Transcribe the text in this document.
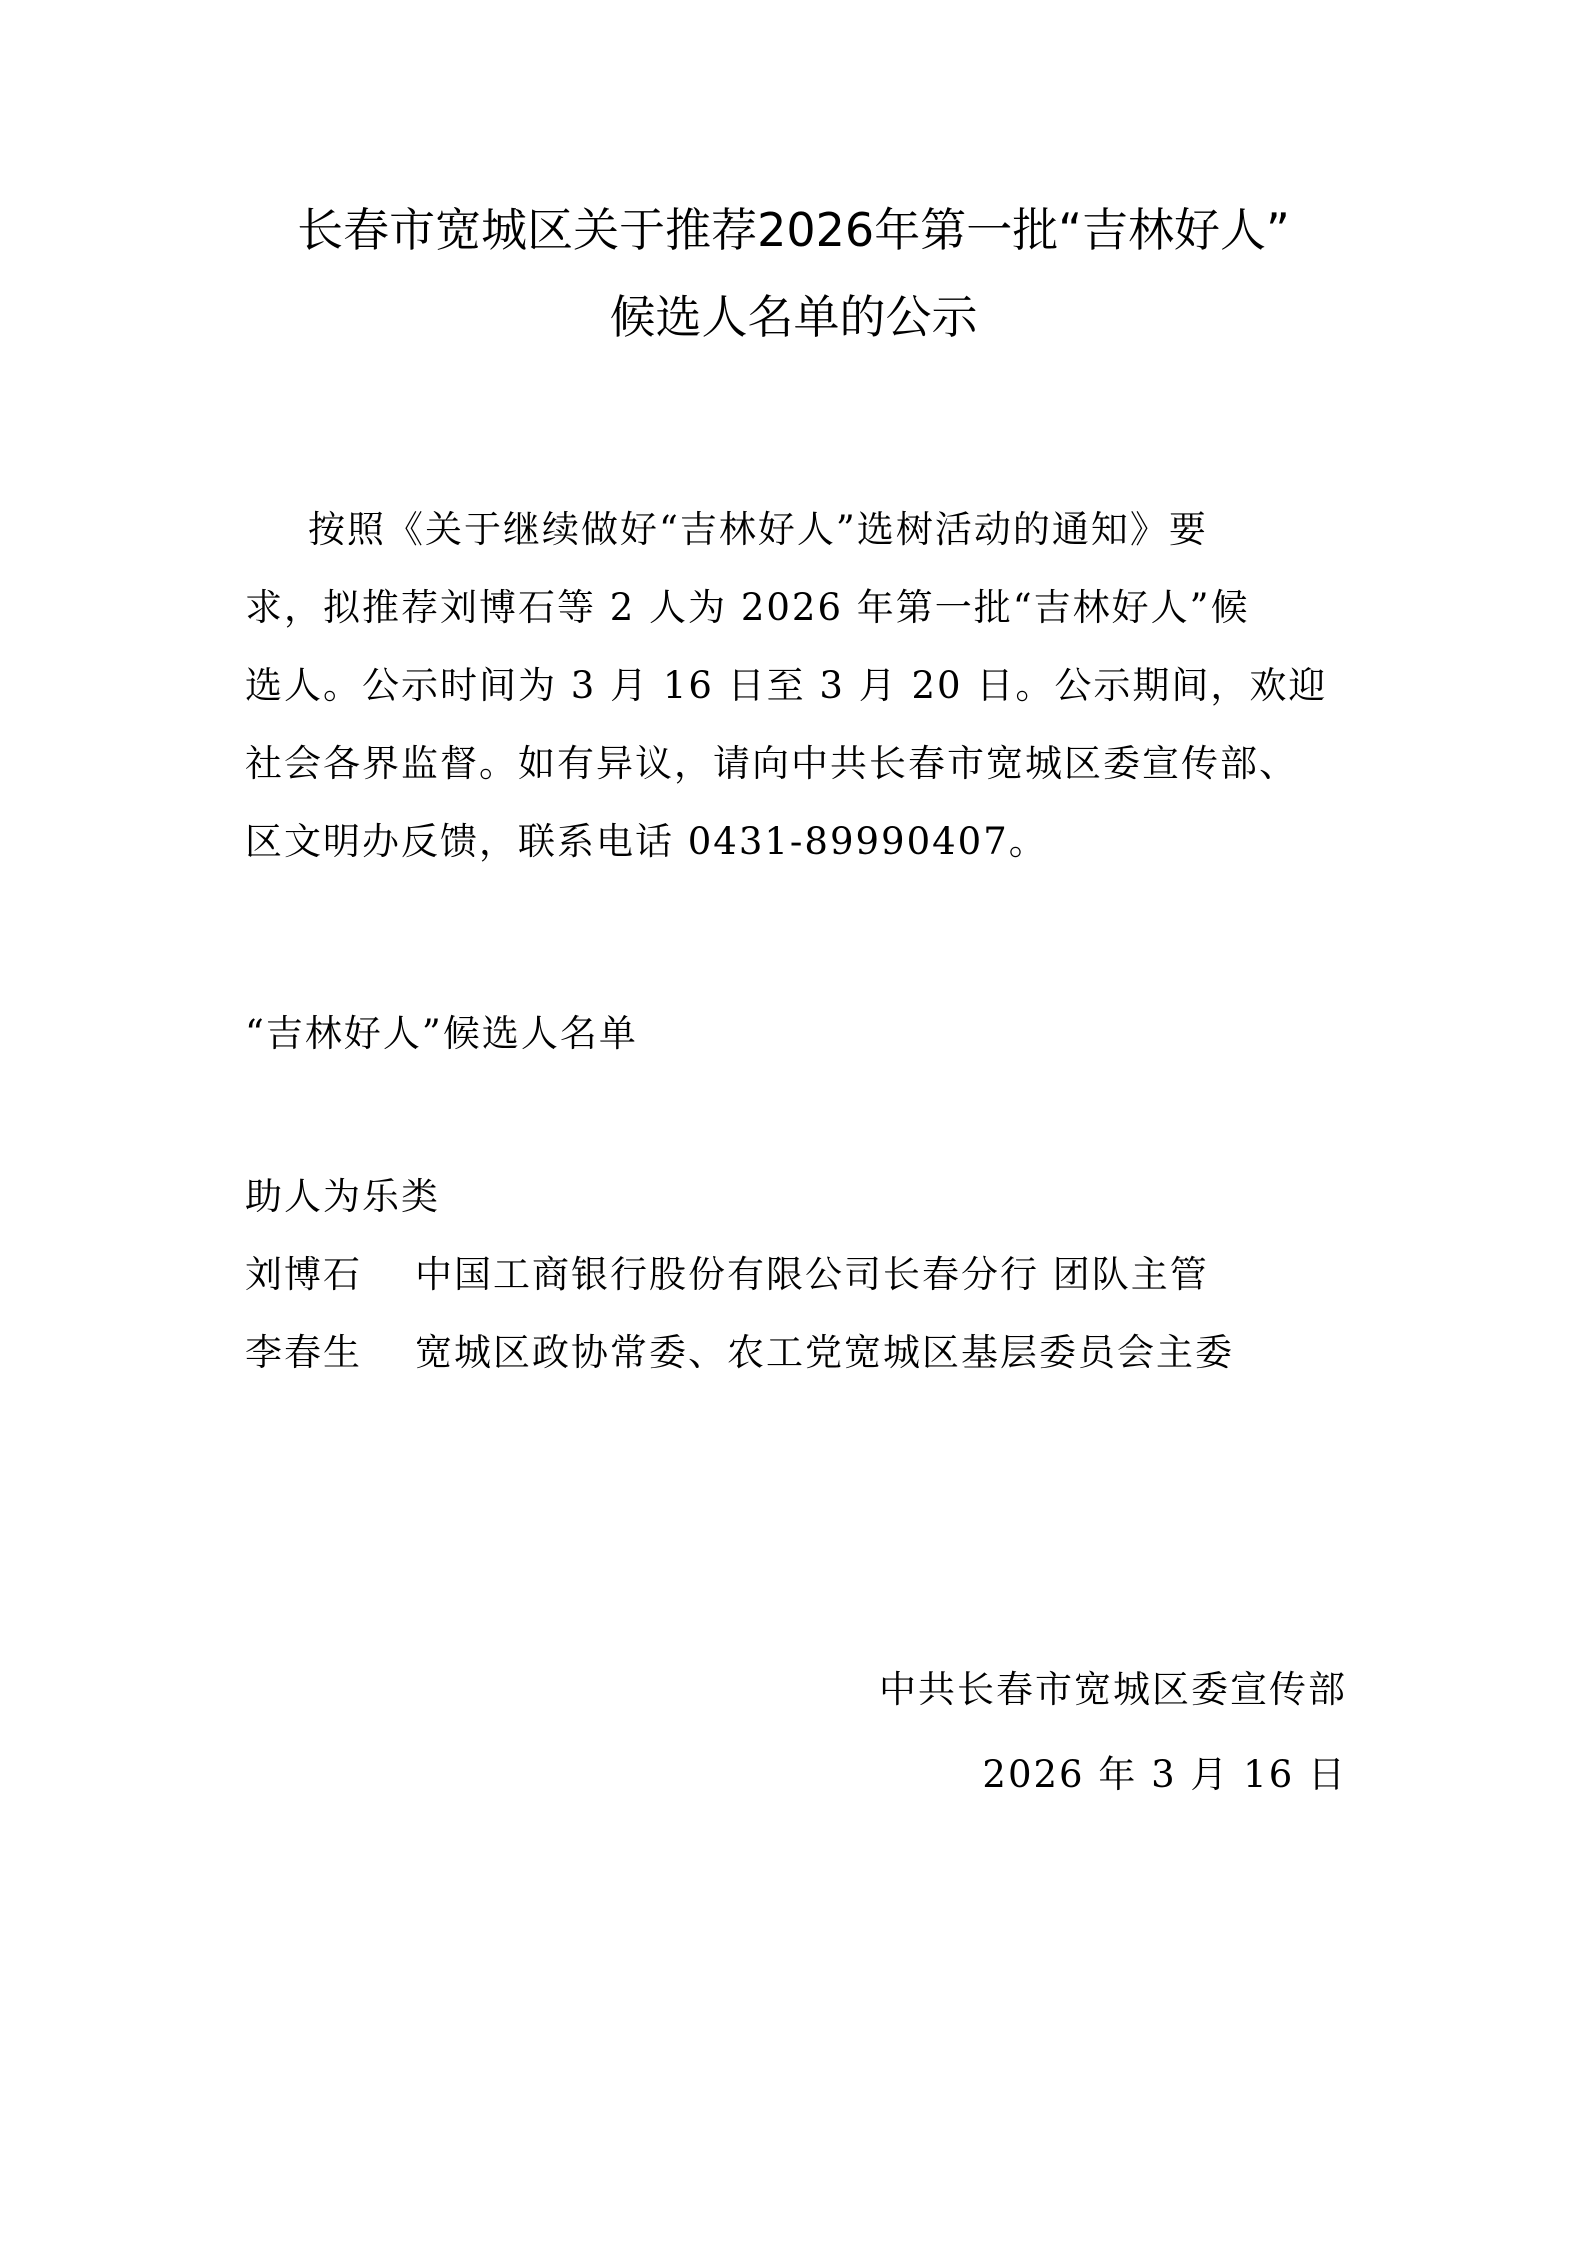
长春市宽城区关于推荐2026年第一批“吉林好人”
候选人名单的公示
按照《关于继续做好“吉林好人”选树活动的通知》要
求，拟推荐刘博石等 2 人为 2026 年第一批“吉林好人”候
选人。公示时间为 3 月 16 日至 3 月 20 日。公示期间，欢迎
社会各界监督。如有异议，请向中共长春市宽城区委宣传部、
区文明办反馈，联系电话 0431-89990407。
“吉林好人”候选人名单
助人为乐类
刘博石 中国工商银行股份有限公司长春分行 团队主管
李春生 宽城区政协常委、农工党宽城区基层委员会主委
中共长春市宽城区委宣传部
2026 年 3 月 16 日
